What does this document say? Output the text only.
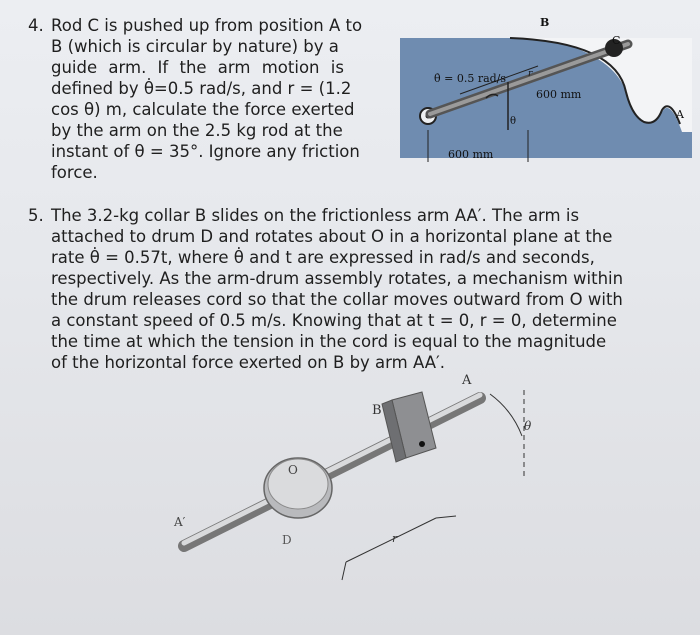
4. Rod C is pushed up from position A to
B (which is circular by nature) by a
guide arm. If the arm motion is
defined by θ̇=0.5 rad/s, and r = (1.2
cos θ) m, calculate the force exerted
by the arm on the 2.5 kg rod at the
instant of θ = 35°. Ignore any friction
force.
B
C
A
θ̇ = 0.5 rad/s r
600 mm
θ
600 mm
5. The 3.2-kg collar B slides on the frictionless arm AA′. The arm is
attached to drum D and rotates about O in a horizontal plane at the
rate θ̇ = 0.57t, where θ̇ and t are expressed in rad/s and seconds,
respectively. As the arm-drum assembly rotates, a mechanism within
the drum releases cord so that the collar moves outward from O with
a constant speed of 0.5 m/s. Knowing that at t = 0, r = 0, determine
the time at which the tension in the cord is equal to the magnitude
of the horizontal force exerted on B by arm AA′.
A
B
θ
O
A′
D	r
